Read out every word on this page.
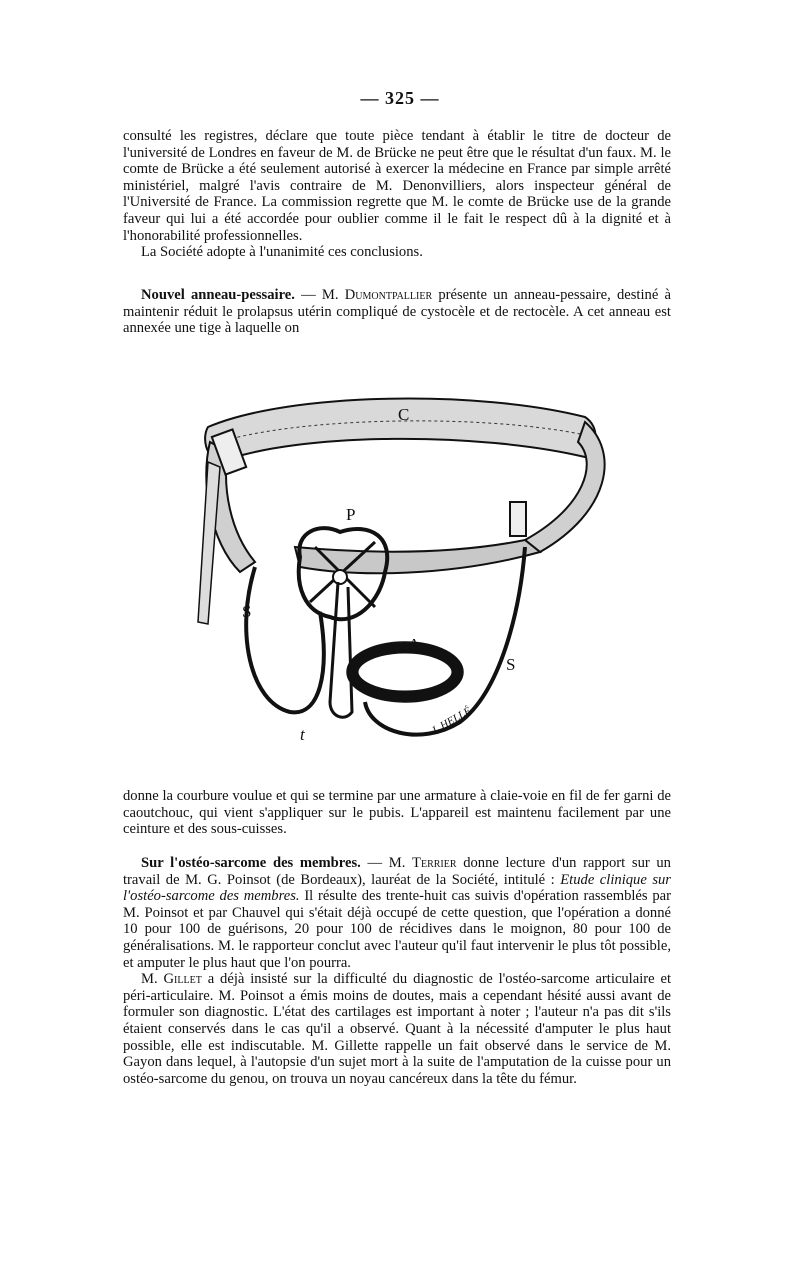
— 325 —

consulté les registres, déclare que toute pièce tendant à établir le titre de docteur de l'université de Londres en faveur de M. de Brücke ne peut être que le résultat d'un faux. M. le comte de Brücke a été seulement autorisé à exercer la médecine en France par simple arrêté ministériel, malgré l'avis contraire de M. Denonvilliers, alors inspecteur général de l'Université de France. La commission regrette que M. le comte de Brücke use de la grande faveur qui lui a été accordée pour oublier comme il le fait le respect dû à la dignité et à l'honorabilité professionnelles.

La Société adopte à l'unanimité ces conclusions.

Nouvel anneau-pessaire. — M. Dumontpallier présente un anneau-pessaire, destiné à maintenir réduit le prolapsus utérin compliqué de cystocèle et de rectocèle. A cet anneau est annexée une tige à laquelle on

C
P
S
A
S
t	L.HELLÉ.

donne la courbure voulue et qui se termine par une armature à claie-voie en fil de fer garni de caoutchouc, qui vient s'appliquer sur le pubis. L'appareil est maintenu facilement par une ceinture et des sous-cuisses.

Sur l'ostéo-sarcome des membres. — M. Terrier donne lecture d'un rapport sur un travail de M. G. Poinsot (de Bordeaux), lauréat de la Société, intitulé : Etude clinique sur l'ostéo-sarcome des membres. Il résulte des trente-huit cas suivis d'opération rassemblés par M. Poinsot et par Chauvel qui s'était déjà occupé de cette question, que l'opération a donné 10 pour 100 de guérisons, 20 pour 100 de récidives dans le moignon, 80 pour 100 de généralisations. M. le rapporteur conclut avec l'auteur qu'il faut intervenir le plus tôt possible, et amputer le plus haut que l'on pourra.

M. Gillet a déjà insisté sur la difficulté du diagnostic de l'ostéo-sarcome articulaire et péri-articulaire. M. Poinsot a émis moins de doutes, mais a cependant hésité aussi avant de formuler son diagnostic. L'état des cartilages est important à noter ; l'auteur n'a pas dit s'ils étaient conservés dans le cas qu'il a observé. Quant à la nécessité d'amputer le plus haut possible, elle est indiscutable. M. Gillette rappelle un fait observé dans le service de M. Gayon dans lequel, à l'autopsie d'un sujet mort à la suite de l'amputation de la cuisse pour un ostéo-sarcome du genou, on trouva un noyau cancéreux dans la tête du fémur.
